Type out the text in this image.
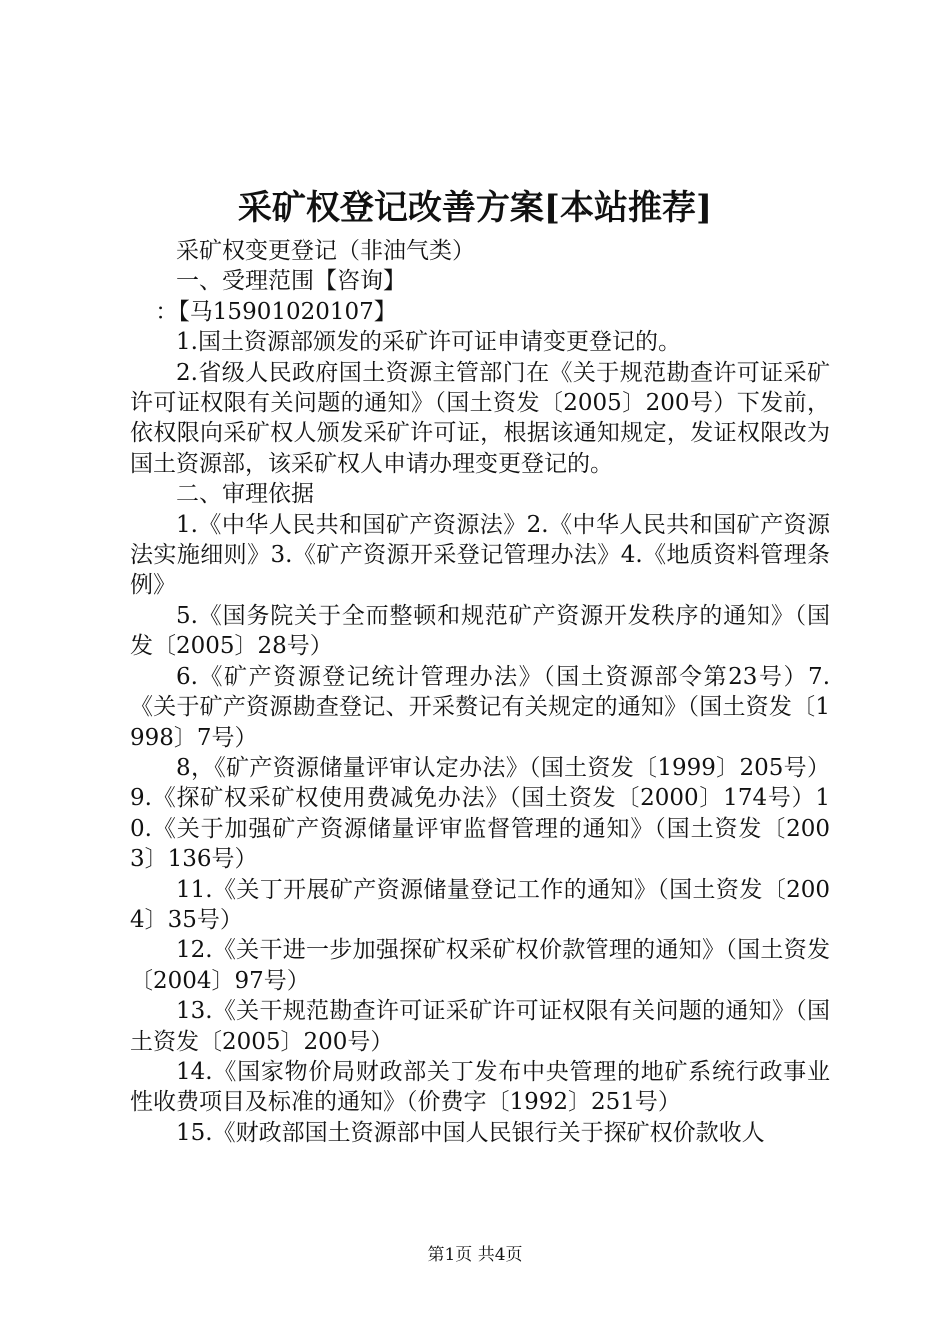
采矿权登记改善方案[本站推荐]

采矿权变更登记（非油气类）

一、受理范围【咨询】

：【马15901020107】

1.国土资源部颁发的采矿许可证申请变更登记的。

2.省级人民政府国土资源主管部门在《关于规范勘查许可证采矿许可证权限有关问题的通知》（国土资发〔2005〕200号）下发前，依权限向采矿权人颁发采矿许可证，根据该通知规定，发证权限改为国土资源部，该采矿权人申请办理变更登记的。

二、审理依据

1.《中华人民共和国矿产资源法》2.《中华人民共和国矿产资源法实施细则》3.《矿产资源开采登记管理办法》4.《地质资料管理条例》

5.《国务院关于全而整顿和规范矿产资源开发秩序的通知》（国发〔2005〕28号）

6.《矿产资源登记统计管理办法》（国土资源部令第23号）7.《关于矿产资源勘查登记、开采赘记有关规定的通知》（国土资发〔1998〕7号）

8，《矿产资源储量评审认定办法》（国土资发〔1999〕205号）9.《探矿权采矿权使用费减免办法》（国土资发〔2000〕174号）10.《关于加强矿产资源储量评审监督管理的通知》（国土资发〔2003〕136号）

11.《关丁开展矿产资源储量登记工作的通知》（国土资发〔2004〕35号）

12.《关干进一步加强探矿权采矿权价款管理的通知》（国土资发〔2004〕97号）

13.《关干规范勘查许可证采矿许可证权限有关问题的通知》（国土资发〔2005〕200号）

14.《国家物价局财政部关丁发布中央管理的地矿系统行政事业性收费项目及标准的通知》（价费字〔1992〕251号）

15.《财政部国土资源部中国人民银行关于探矿权价款收人

第1页 共4页
